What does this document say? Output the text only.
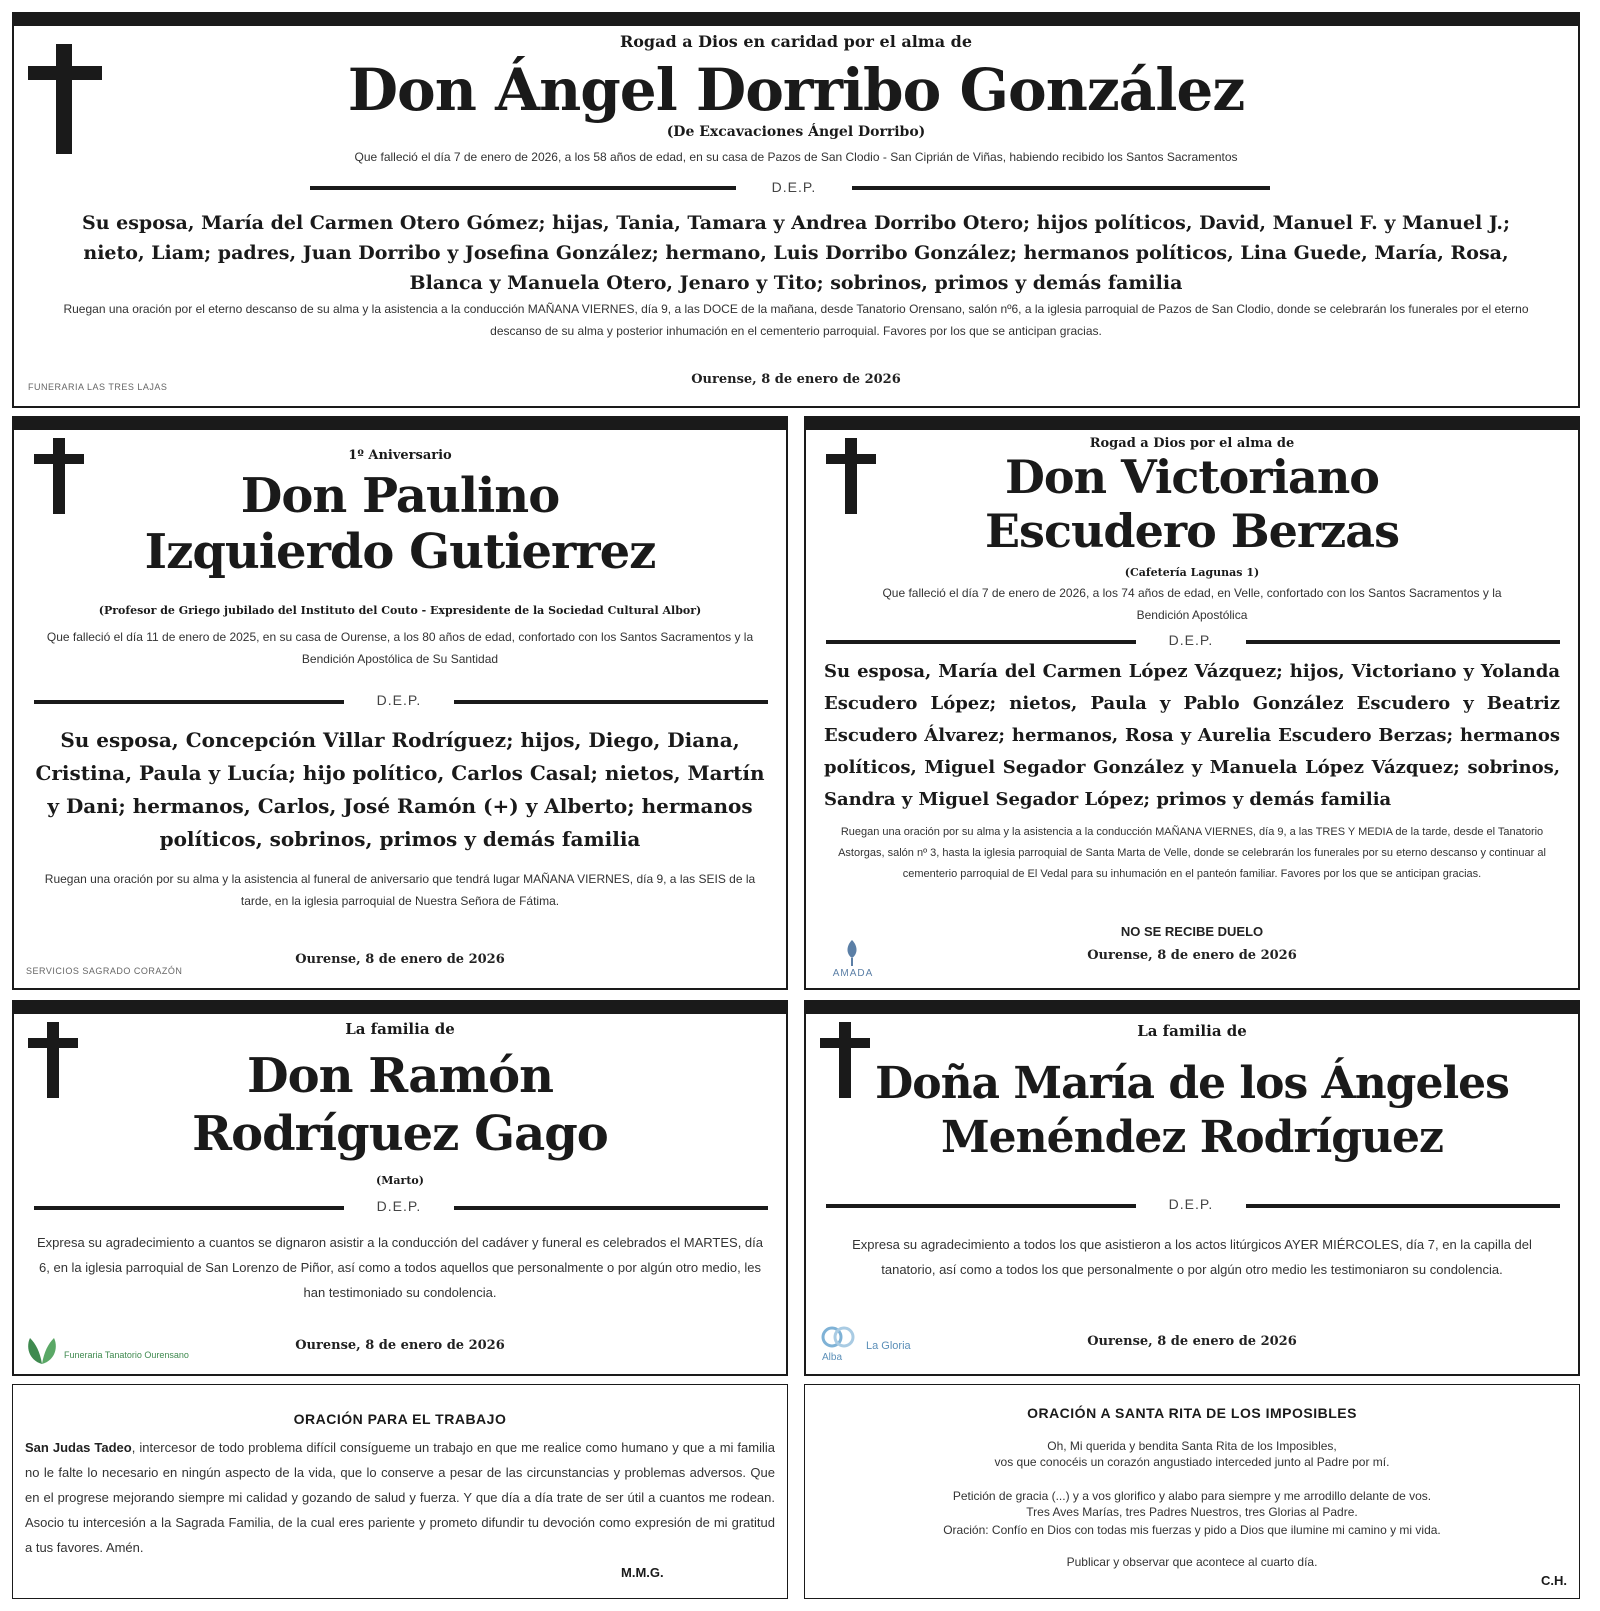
Rogad a Dios en caridad por el alma de
Don Ángel Dorribo González
(De Excavaciones Ángel Dorribo)
Que falleció el día 7 de enero de 2026, a los 58 años de edad, en su casa de Pazos de San Clodio - San Ciprián de Viñas, habiendo recibido los Santos Sacramentos
D.E.P.
Su esposa, María del Carmen Otero Gómez; hijas, Tania, Tamara y Andrea Dorribo Otero; hijos políticos, David, Manuel F. y Manuel J.; nieto, Liam; padres, Juan Dorribo y Josefina González; hermano, Luis Dorribo González; hermanos políticos, Lina Guede, María, Rosa, Blanca y Manuela Otero, Jenaro y Tito; sobrinos, primos y demás familia
Ruegan una oración por el eterno descanso de su alma y la asistencia a la conducción MAÑANA VIERNES, día 9, a las DOCE de la mañana, desde Tanatorio Orensano, salón nº6, a la iglesia parroquial de Pazos de San Clodio, donde se celebrarán los funerales por el eterno descanso de su alma y posterior inhumación en el cementerio parroquial. Favores por los que se anticipan gracias.
FUNERARIA LAS TRES LAJAS	Ourense, 8 de enero de 2026
1º Aniversario
Don Paulino
Izquierdo Gutierrez
(Profesor de Griego jubilado del Instituto del Couto - Expresidente de la Sociedad Cultural Albor)
Que falleció el día 11 de enero de 2025, en su casa de Ourense, a los 80 años de edad, confortado con los Santos Sacramentos y la Bendición Apostólica de Su Santidad
D.E.P.
Su esposa, Concepción Villar Rodríguez; hijos, Diego, Diana, Cristina, Paula y Lucía; hijo político, Carlos Casal; nietos, Martín y Dani; hermanos, Carlos, José Ramón (+) y Alberto; hermanos políticos, sobrinos, primos y demás familia
Ruegan una oración por su alma y la asistencia al funeral de aniversario que tendrá lugar MAÑANA VIERNES, día 9, a las SEIS de la tarde, en la iglesia parroquial de Nuestra Señora de Fátima.
Ourense, 8 de enero de 2026
SERVICIOS SAGRADO CORAZÓN
Rogad a Dios por el alma de
Don Victoriano
Escudero Berzas
(Cafetería Lagunas 1)
Que falleció el día 7 de enero de 2026, a los 74 años de edad, en Velle, confortado con los Santos Sacramentos y la Bendición Apostólica
D.E.P.
Su esposa, María del Carmen López Vázquez; hijos, Victoriano y Yolanda Escudero López; nietos, Paula y Pablo González Escudero y Beatriz Escudero Álvarez; hermanos, Rosa y Aurelia Escudero Berzas; hermanos políticos, Miguel Segador González y Manuela López Vázquez; sobrinos, Sandra y Miguel Segador López; primos y demás familia
Ruegan una oración por su alma y la asistencia a la conducción MAÑANA VIERNES, día 9, a las TRES Y MEDIA de la tarde, desde el Tanatorio Astorgas, salón nº 3, hasta la iglesia parroquial de Santa Marta de Velle, donde se celebrarán los funerales por su eterno descanso y continuar al cementerio parroquial de El Vedal para su inhumación en el panteón familiar. Favores por los que se anticipan gracias.
NO SE RECIBE DUELO
Ourense, 8 de enero de 2026
AMADA
La familia de
Don Ramón
Rodríguez Gago
(Marto)
D.E.P.
Expresa su agradecimiento a cuantos se dignaron asistir a la conducción del cadáver y funeral es celebrados el MARTES, día 6, en la iglesia parroquial de San Lorenzo de Piñor, así como a todos aquellos que personalmente o por algún otro medio, les han testimoniado su condolencia.
Ourense, 8 de enero de 2026
Funeraria Tanatorio Ourensano
La familia de
Doña María de los Ángeles
Menéndez Rodríguez
D.E.P.
Expresa su agradecimiento a todos los que asistieron a los actos litúrgicos AYER MIÉRCOLES, día 7, en la capilla del tanatorio, así como a todos los que personalmente o por algún otro medio les testimoniaron su condolencia.
Ourense, 8 de enero de 2026
Alba
La Gloria
ORACIÓN PARA EL TRABAJO
San Judas Tadeo, intercesor de todo problema difícil consígueme un trabajo en que me realice como humano y que a mi familia no le falte lo necesario en ningún aspecto de la vida, que lo conserve a pesar de las circunstancias y problemas adversos. Que en el progrese mejorando siempre mi calidad y gozando de salud y fuerza. Y que día a día trate de ser útil a cuantos me rodean. Asocio tu intercesión a la Sagrada Familia, de la cual eres pariente y prometo difundir tu devoción como expresión de mi gratitud a tus favores. Amén.
M.M.G.
ORACIÓN A SANTA RITA DE LOS IMPOSIBLES
Oh, Mi querida y bendita Santa Rita de los Imposibles,
vos que conocéis un corazón angustiado interceded junto al Padre por mí.
Petición de gracia (...) y a vos glorifico y alabo para siempre y me arrodillo delante de vos.
Tres Aves Marías, tres Padres Nuestros, tres Glorias al Padre.
Oración: Confío en Dios con todas mis fuerzas y pido a Dios que ilumine mi camino y mi vida.
Publicar y observar que acontece al cuarto día.
C.H.
